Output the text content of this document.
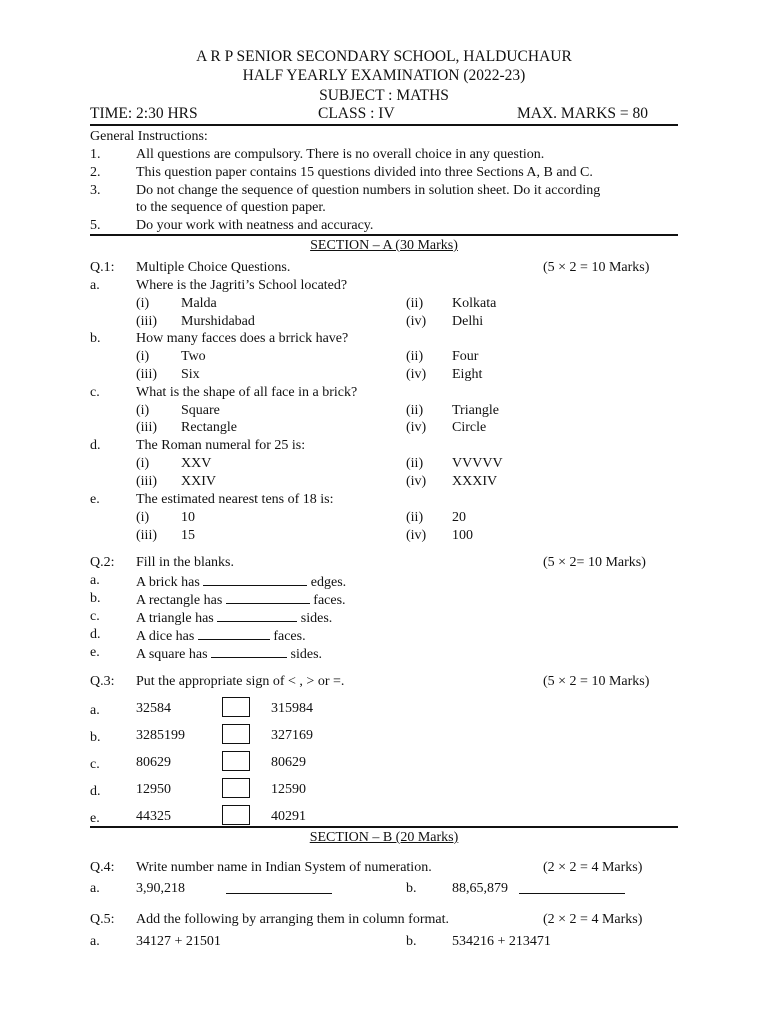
A R P SENIOR SECONDARY SCHOOL, HALDUCHAUR
HALF YEARLY EXAMINATION (2022-23)
SUBJECT : MATHS
TIME: 2:30 HRS	CLASS : IV	MAX. MARKS = 80
General Instructions:
1.	All questions are compulsory. There is no overall choice in any question.
2.	This question paper contains 15 questions divided into three Sections A, B and C.
3.	Do not change the sequence of question numbers in solution sheet. Do it according
to the sequence of question paper.
5.	Do your work with neatness and accuracy.
SECTION – A (30 Marks)
Q.1: Multiple Choice Questions.	(5 × 2 = 10 Marks)
a.	Where is the Jagriti’s School located?
(i) Malda	(ii) Kolkata
(iii) Murshidabad	(iv) Delhi
b.	How many facces does a brrick have?
(i) Two	(ii) Four
(iii) Six	(iv) Eight
c.	What is the shape of all face in a brick?
(i) Square	(ii) Triangle
(iii) Rectangle	(iv) Circle
d.	The Roman numeral for 25 is:
(i) XXV	(ii) VVVVV
(iii) XXIV	(iv) XXXIV
e.	The estimated nearest tens of 18 is:
(i) 10	(ii) 20
(iii) 15	(iv) 100
Q.2: Fill in the blanks.	(5 × 2= 10 Marks)
a.	A brick has	edges.
b.	A rectangle has	faces.
c.	A triangle has	sides.
d.	A dice has	faces.
e.	A square has	sides.
Q.3: Put the appropriate sign of < , > or =.	(5 × 2 = 10 Marks)
a.	32584	315984
b.	3285199	327169
c.	80629	80629
d.	12950	12590
e.	44325	40291
SECTION – B (20 Marks)
Q.4: Write number name in Indian System of numeration.	(2 × 2 = 4 Marks)
a.	3,90,218	b.	88,65,879
Q.5: Add the following by arranging them in column format.	(2 × 2 = 4 Marks)
a.	34127 + 21501	b.	534216 + 213471
